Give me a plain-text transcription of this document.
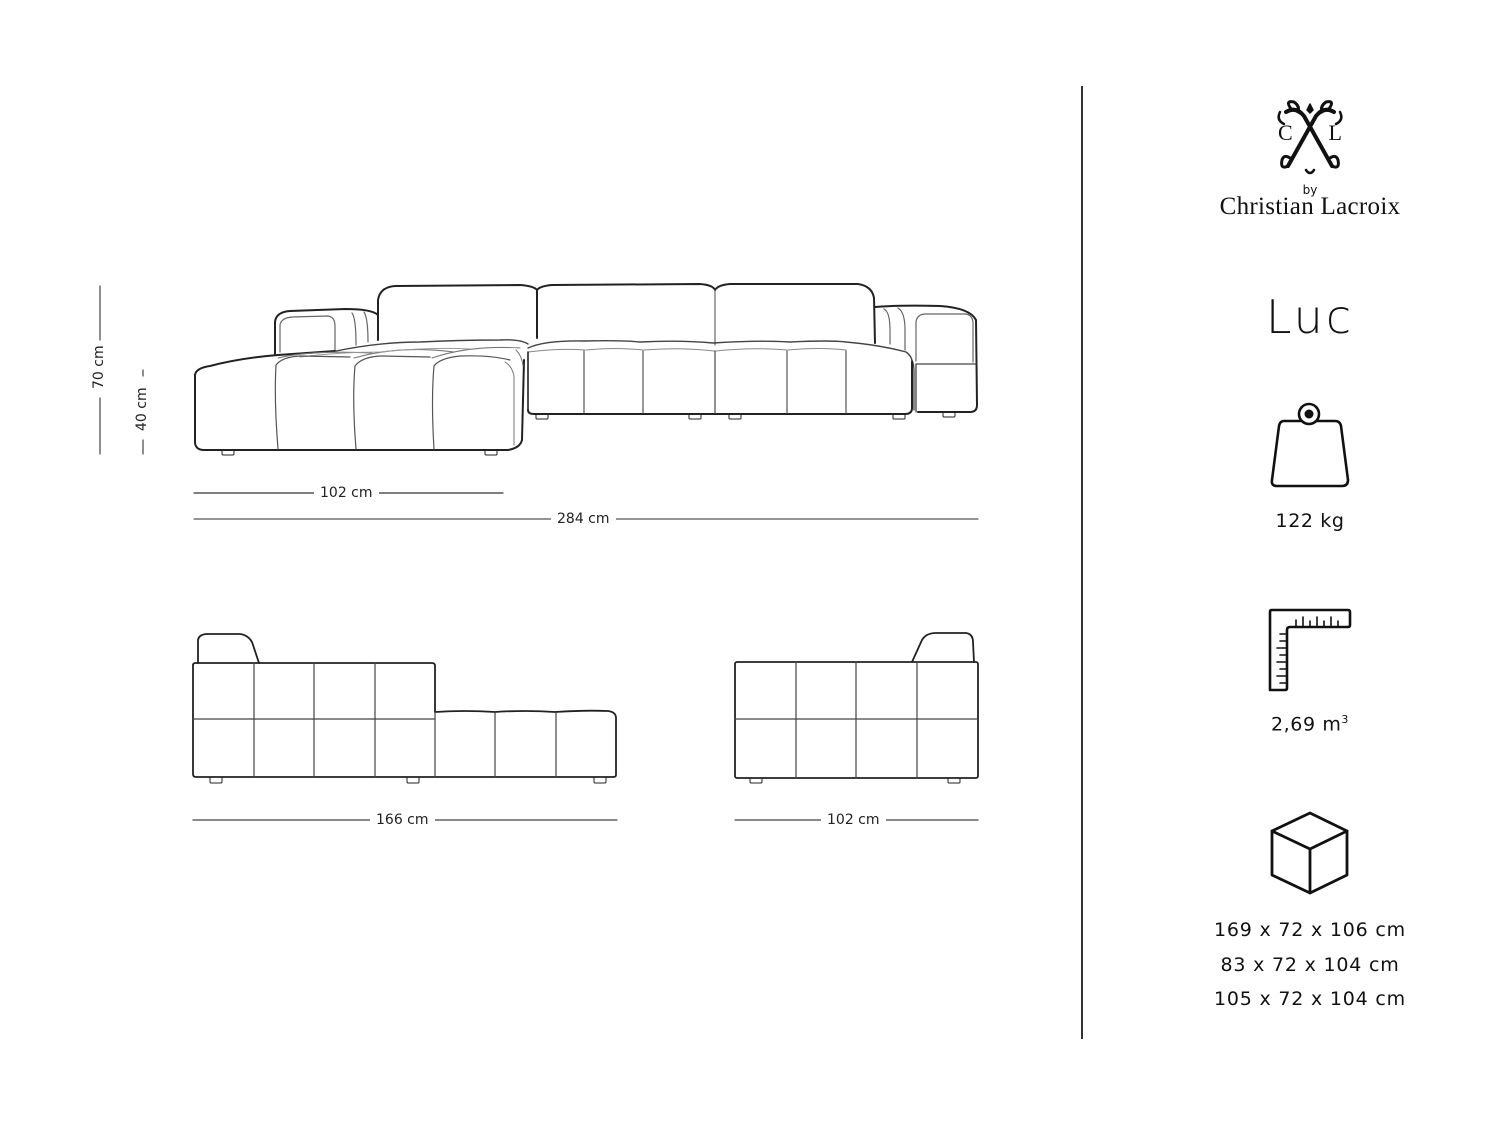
70 cm
40 cm
102 cm
284 cm
166 cm	102 cm
C L
by
Christian Lacroix
Luc
122 kg
2,69 $m^3$
169 x 72 x 106 cm
83 x 72 x 104 cm
105 x 72 x 104 cm
